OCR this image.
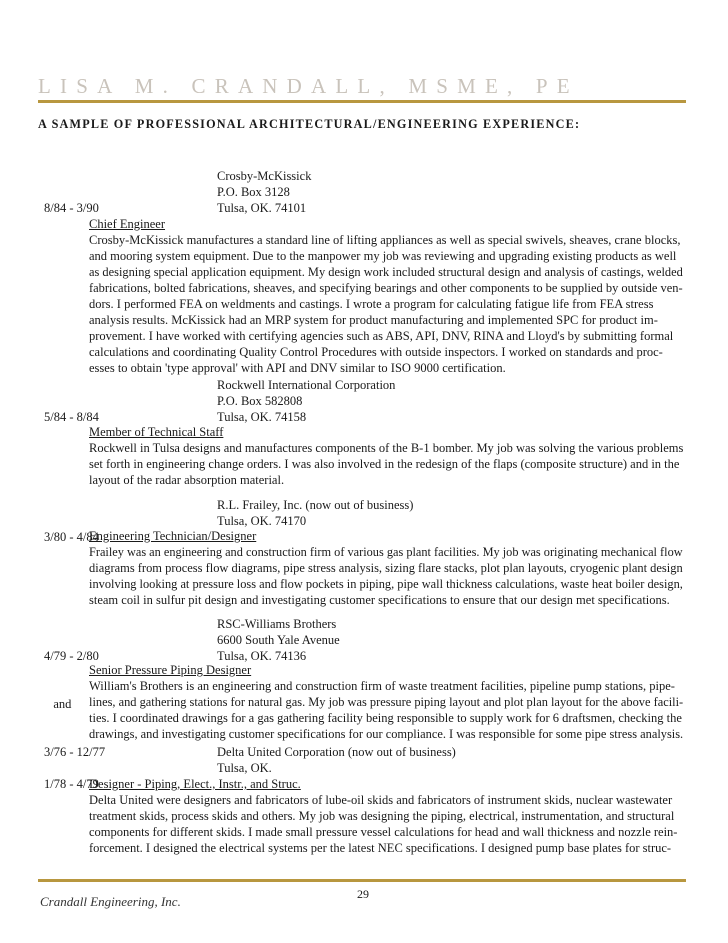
LISA M. CRANDALL, MSME, PE
A SAMPLE OF PROFESSIONAL ARCHITECTURAL/ENGINEERING EXPERIENCE:

8/84 - 3/90

Crosby-McKissick
P.O. Box 3128
Tulsa, OK. 74101
Chief Engineer
Crosby-McKissick manufactures a standard line of lifting appliances as well as special swivels, sheaves, crane blocks,
and mooring system equipment. Due to the manpower my job was reviewing and upgrading existing products as well
as designing special application equipment. My design work included structural design and analysis of castings, welded
fabrications, bolted fabrications, sheaves, and specifying bearings and other components to be supplied by outside ven-
dors. I performed FEA on weldments and castings. I wrote a program for calculating fatigue life from FEA stress
analysis results. McKissick had an MRP system for product manufacturing and implemented SPC for product im-
provement. I have worked with certifying agencies such as ABS, API, DNV, RINA and Lloyd's by submitting formal
calculations and coordinating Quality Control Procedures with outside inspectors. I worked on standards and proc-
esses to obtain 'type approval' with API and DNV similar to ISO 9000 certification.

5/84 - 8/84

Rockwell International Corporation
P.O. Box 582808
Tulsa, OK. 74158
Member of Technical Staff
Rockwell in Tulsa designs and manufactures components of the B-1 bomber. My job was solving the various problems
set forth in engineering change orders. I was also involved in the redesign of the flaps (composite structure) and in the
layout of the radar absorption material.

3/80 - 4/84

R.L. Frailey, Inc. (now out of business)
Tulsa, OK. 74170
Engineering Technician/Designer
Frailey was an engineering and construction firm of various gas plant facilities. My job was originating mechanical flow
diagrams from process flow diagrams, pipe stress analysis, sizing flare stacks, plot plan layouts, cryogenic plant design
involving looking at pressure loss and flow pockets in piping, pipe wall thickness calculations, waste heat boiler design,
steam coil in sulfur pit design and investigating customer specifications to ensure that our design met specifications.

4/79 - 2/80

and

3/76 - 12/77

RSC-Williams Brothers
6600 South Yale Avenue
Tulsa, OK. 74136
Senior Pressure Piping Designer
William's Brothers is an engineering and construction firm of waste treatment facilities, pipeline pump stations, pipe-
lines, and gathering stations for natural gas. My job was pressure piping layout and plot plan layout for the above facili-
ties. I coordinated drawings for a gas gathering facility being responsible to supply work for 6 draftsmen, checking the
drawings, and investigating customer specifications for our compliance. I was responsible for some pipe stress analysis.

1/78 - 4/79

Delta United Corporation (now out of business)
Tulsa, OK.
Designer - Piping, Elect., Instr., and Struc.
Delta United were designers and fabricators of lube-oil skids and fabricators of instrument skids, nuclear wastewater
treatment skids, process skids and others. My job was designing the piping, electrical, instrumentation, and structural
components for different skids. I made small pressure vessel calculations for head and wall thickness and nozzle rein-
forcement. I designed the electrical systems per the latest NEC specifications. I designed pump base plates for struc-
Crandall Engineering, Inc.	29
